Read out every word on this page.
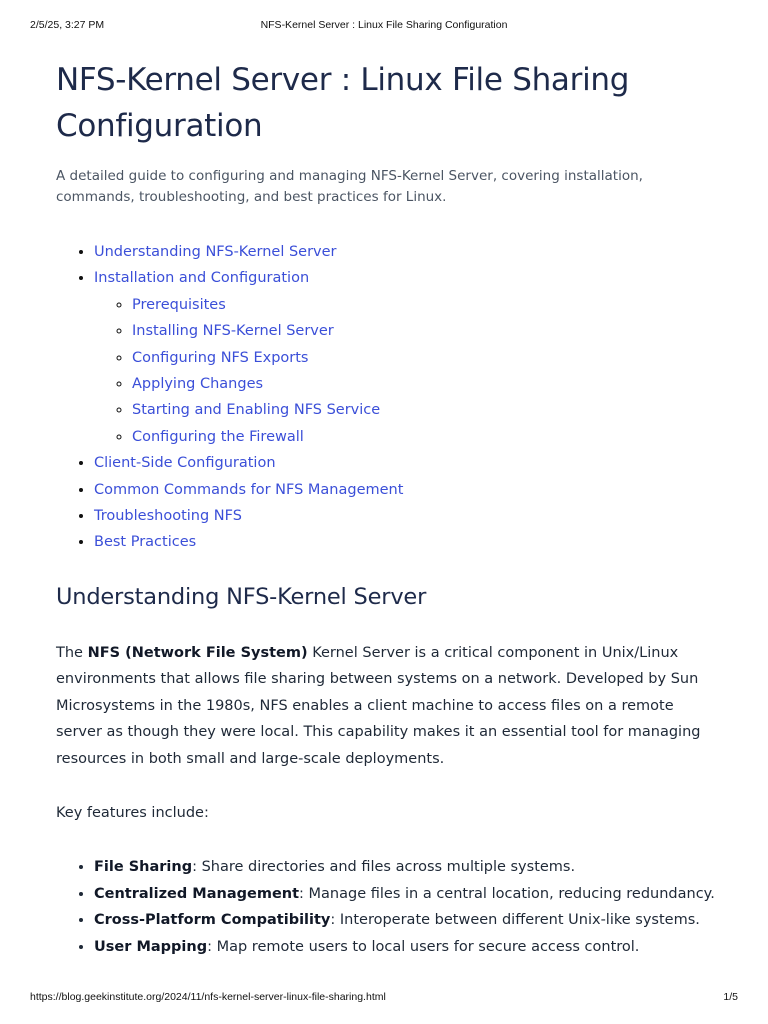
2/5/25, 3:27 PM	NFS-Kernel Server : Linux File Sharing Configuration
NFS-Kernel Server : Linux File Sharing Configuration

A detailed guide to configuring and managing NFS-Kernel Server, covering installation, commands, troubleshooting, and best practices for Linux.

• Understanding NFS-Kernel Server
• Installation and Configuration
◦ Prerequisites
◦ Installing NFS-Kernel Server
◦ Configuring NFS Exports
◦ Applying Changes
◦ Starting and Enabling NFS Service
◦ Configuring the Firewall
• Client-Side Configuration
• Common Commands for NFS Management
• Troubleshooting NFS
• Best Practices
Understanding NFS-Kernel Server

The NFS (Network File System) Kernel Server is a critical component in Unix/Linux environments that allows file sharing between systems on a network. Developed by Sun Microsystems in the 1980s, NFS enables a client machine to access files on a remote server as though they were local. This capability makes it an essential tool for managing resources in both small and large-scale deployments.

Key features include:

• File Sharing: Share directories and files across multiple systems.
• Centralized Management: Manage files in a central location, reducing redundancy.
• Cross-Platform Compatibility: Interoperate between different Unix-like systems.
• User Mapping: Map remote users to local users for secure access control.
https://blog.geekinstitute.org/2024/11/nfs-kernel-server-linux-file-sharing.html	1/5
